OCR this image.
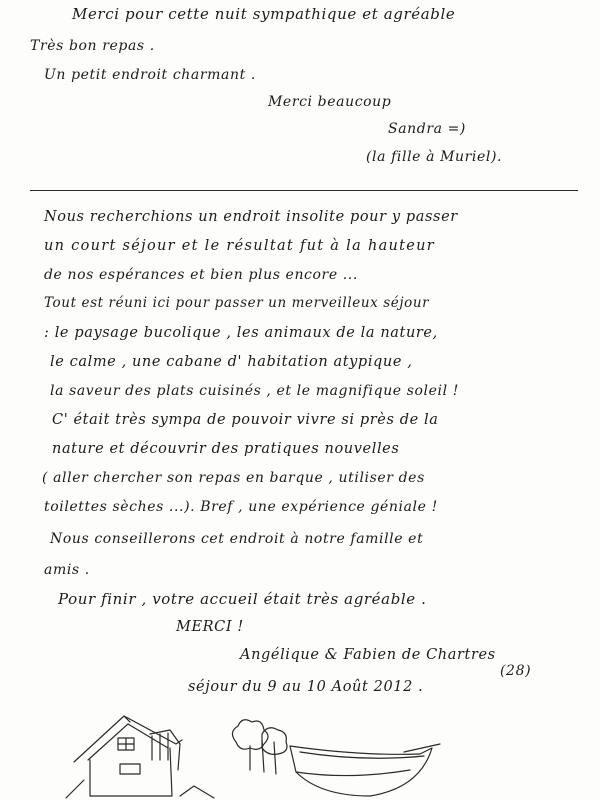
Merci pour cette nuit sympathique et agréable
Très bon repas .
Un petit endroit charmant .
Merci beaucoup
Sandra =)
(la fille à Muriel).
Nous recherchions un endroit insolite pour y passer
un court séjour et le résultat fut à la hauteur
de nos espérances et bien plus encore ...
Tout est réuni ici pour passer un merveilleux séjour
: le paysage bucolique , les animaux de la nature,
le calme , une cabane d' habitation atypique ,
la saveur des plats cuisinés , et le magnifique soleil !
C' était très sympa de pouvoir vivre si près de la
nature et découvrir des pratiques nouvelles
( aller chercher son repas en barque , utiliser des
toilettes sèches ...). Bref , une expérience géniale !
Nous conseillerons cet endroit à notre famille et
amis .
Pour finir , votre accueil était très agréable .
MERCI !
Angélique & Fabien de Chartres
(28)
séjour du 9 au 10 Août 2012 .
